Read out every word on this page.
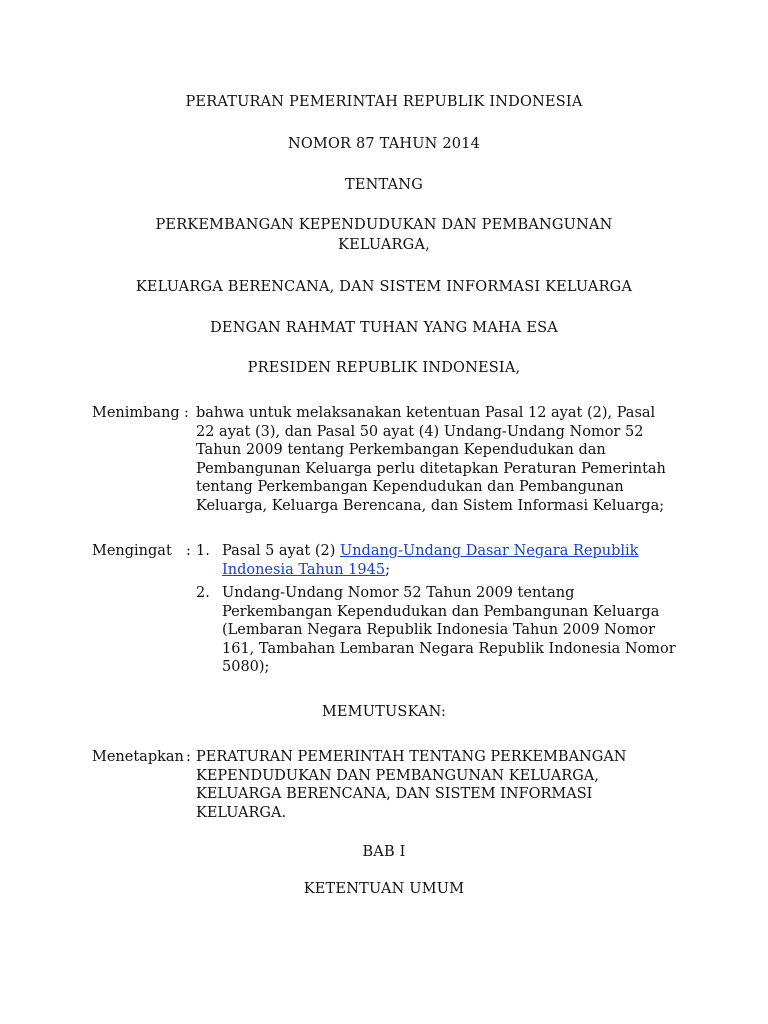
PERATURAN PEMERINTAH REPUBLIK INDONESIA
NOMOR 87 TAHUN 2014
TENTANG
PERKEMBANGAN KEPENDUDUKAN DAN PEMBANGUNAN
KELUARGA,
KELUARGA BERENCANA, DAN SISTEM INFORMASI KELUARGA
DENGAN RAHMAT TUHAN YANG MAHA ESA
PRESIDEN REPUBLIK INDONESIA,
Menimbang : bahwa untuk melaksanakan ketentuan Pasal 12 ayat (2), Pasal
22 ayat (3), dan Pasal 50 ayat (4) Undang-Undang Nomor 52
Tahun 2009 tentang Perkembangan Kependudukan dan
Pembangunan Keluarga perlu ditetapkan Peraturan Pemerintah
tentang Perkembangan Kependudukan dan Pembangunan
Keluarga, Keluarga Berencana, dan Sistem Informasi Keluarga;
Mengingat : 1. Pasal 5 ayat (2) Undang-Undang Dasar Negara Republik
Indonesia Tahun 1945;
2. Undang-Undang Nomor 52 Tahun 2009 tentang
Perkembangan Kependudukan dan Pembangunan Keluarga
(Lembaran Negara Republik Indonesia Tahun 2009 Nomor
161, Tambahan Lembaran Negara Republik Indonesia Nomor
5080);
MEMUTUSKAN:
Menetapkan : PERATURAN PEMERINTAH TENTANG PERKEMBANGAN
KEPENDUDUKAN DAN PEMBANGUNAN KELUARGA,
KELUARGA BERENCANA, DAN SISTEM INFORMASI
KELUARGA.
BAB I
KETENTUAN UMUM
